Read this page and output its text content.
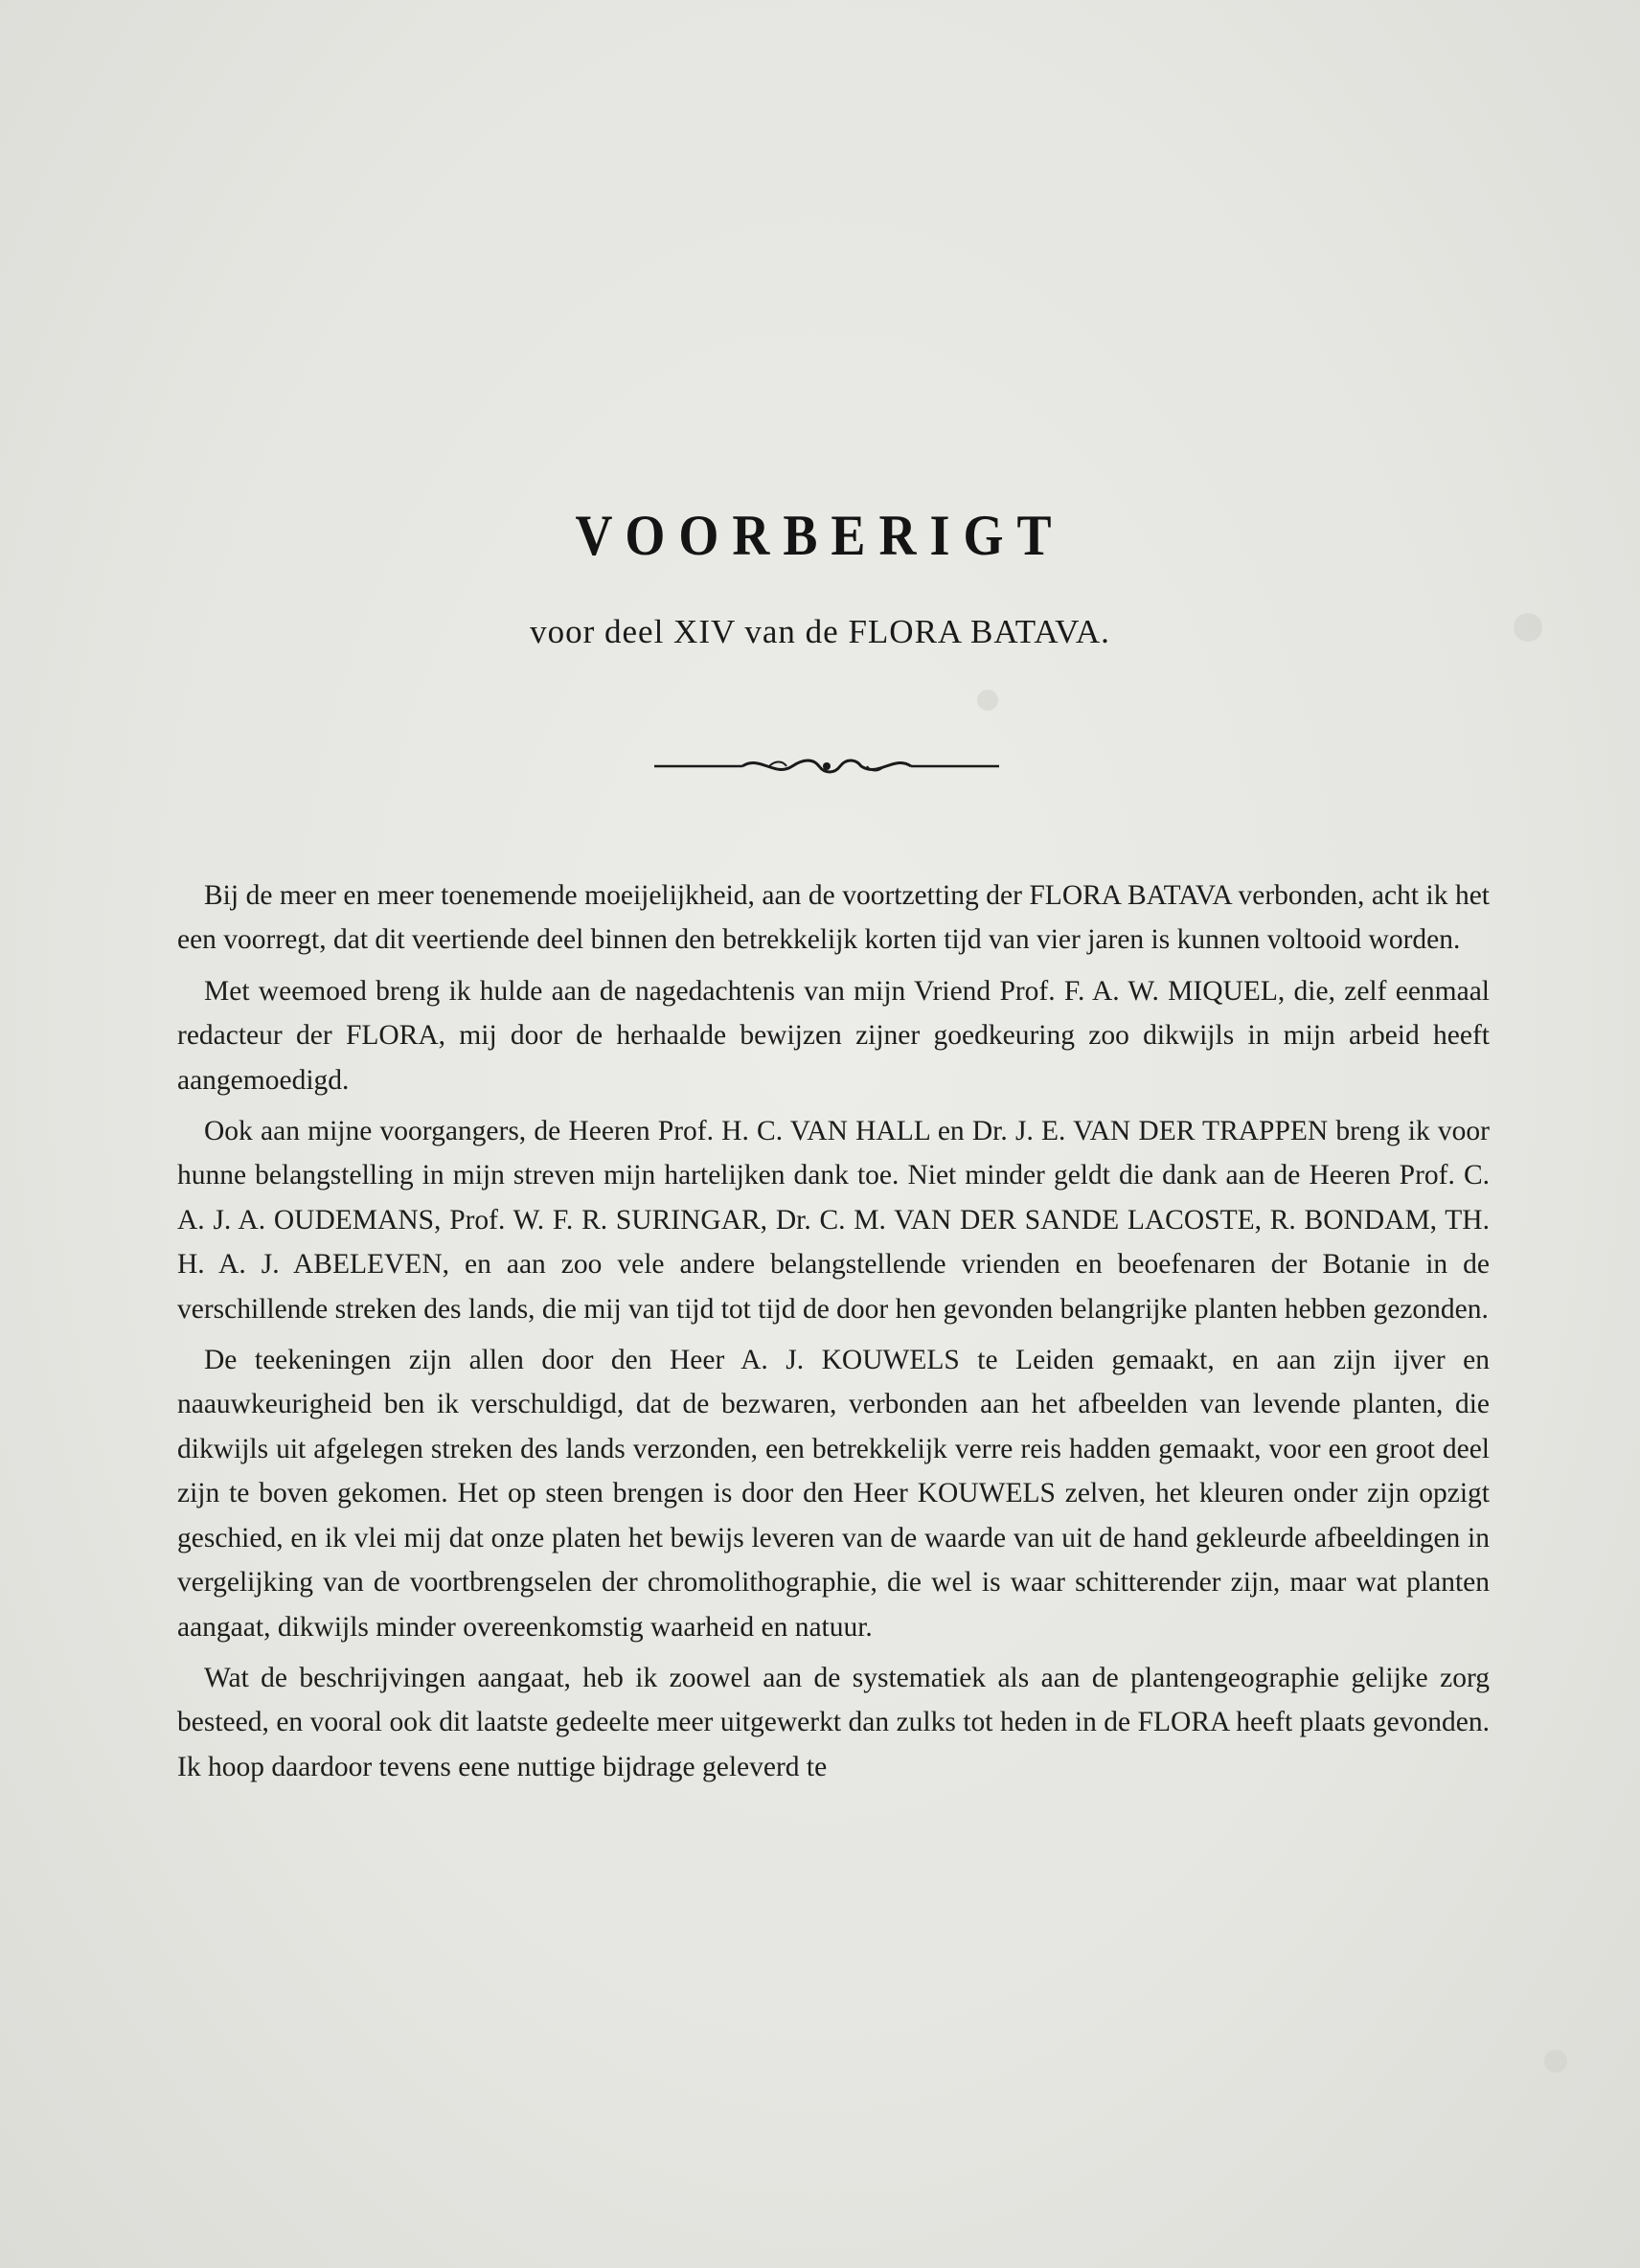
VOORBERIGT
voor deel XIV van de FLORA BATAVA.

Bij de meer en meer toenemende moeijelijkheid, aan de voortzetting der FLORA BATAVA verbonden, acht ik het een voorregt, dat dit veertiende deel binnen den betrekkelijk korten tijd van vier jaren is kunnen voltooid worden.

Met weemoed breng ik hulde aan de nagedachtenis van mijn Vriend Prof. F. A. W. MIQUEL, die, zelf eenmaal redacteur der FLORA, mij door de herhaalde bewijzen zijner goedkeuring zoo dikwijls in mijn arbeid heeft aangemoedigd.

Ook aan mijne voorgangers, de Heeren Prof. H. C. VAN HALL en Dr. J. E. VAN DER TRAPPEN breng ik voor hunne belangstelling in mijn streven mijn hartelijken dank toe. Niet minder geldt die dank aan de Heeren Prof. C. A. J. A. OUDEMANS, Prof. W. F. R. SURINGAR, Dr. C. M. VAN DER SANDE LACOSTE, R. BONDAM, TH. H. A. J. ABELEVEN, en aan zoo vele andere belangstellende vrienden en beoefenaren der Botanie in de verschillende streken des lands, die mij van tijd tot tijd de door hen gevonden belangrijke planten hebben gezonden.

De teekeningen zijn allen door den Heer A. J. KOUWELS te Leiden gemaakt, en aan zijn ijver en naauwkeurigheid ben ik verschuldigd, dat de bezwaren, verbonden aan het afbeelden van levende planten, die dikwijls uit afgelegen streken des lands verzonden, een betrekkelijk verre reis hadden gemaakt, voor een groot deel zijn te boven gekomen. Het op steen brengen is door den Heer KOUWELS zelven, het kleuren onder zijn opzigt geschied, en ik vlei mij dat onze platen het bewijs leveren van de waarde van uit de hand gekleurde afbeeldingen in vergelijking van de voortbrengselen der chromolithographie, die wel is waar schitterender zijn, maar wat planten aangaat, dikwijls minder overeenkomstig waarheid en natuur.

Wat de beschrijvingen aangaat, heb ik zoowel aan de systematiek als aan de plantengeographie gelijke zorg besteed, en vooral ook dit laatste gedeelte meer uitgewerkt dan zulks tot heden in de FLORA heeft plaats gevonden. Ik hoop daardoor tevens eene nuttige bijdrage geleverd te
